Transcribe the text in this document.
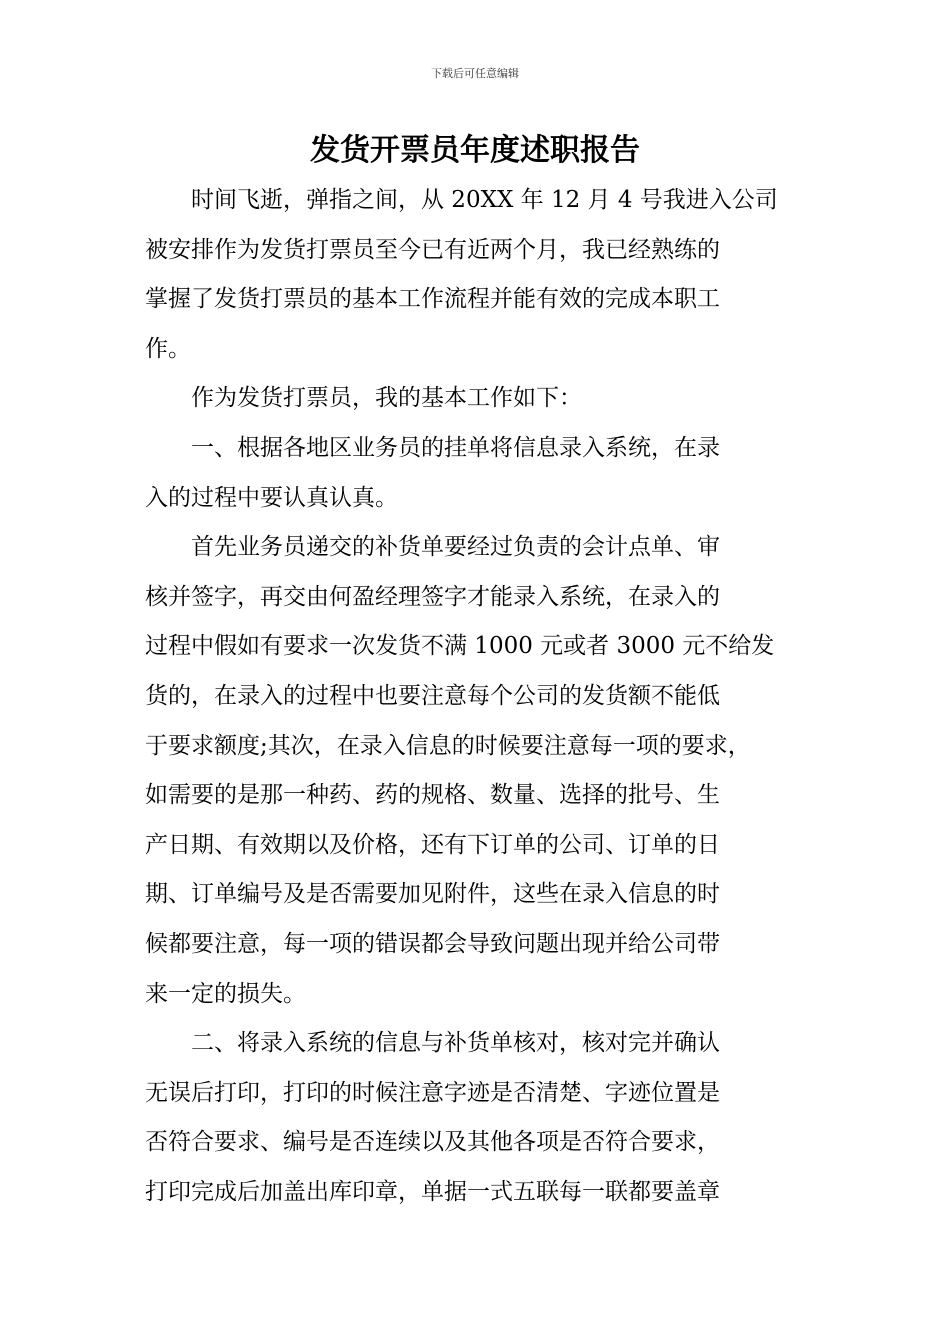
下载后可任意编辑
发货开票员年度述职报告

　　时间飞逝，弹指之间，从 20XX 年 12 月 4 号我进入公司
被安排作为发货打票员至今已有近两个月，我已经熟练的
掌握了发货打票员的基本工作流程并能有效的完成本职工
作。

　　作为发货打票员，我的基本工作如下：

　　一、根据各地区业务员的挂单将信息录入系统，在录
入的过程中要认真认真。

　　首先业务员递交的补货单要经过负责的会计点单、审
核并签字，再交由何盈经理签字才能录入系统，在录入的
过程中假如有要求一次发货不满 1000 元或者 3000 元不给发
货的，在录入的过程中也要注意每个公司的发货额不能低
于要求额度;其次，在录入信息的时候要注意每一项的要求，
如需要的是那一种药、药的规格、数量、选择的批号、生
产日期、有效期以及价格，还有下订单的公司、订单的日
期、订单编号及是否需要加见附件，这些在录入信息的时
候都要注意，每一项的错误都会导致问题出现并给公司带
来一定的损失。

　　二、将录入系统的信息与补货单核对，核对完并确认
无误后打印，打印的时候注意字迹是否清楚、字迹位置是
否符合要求、编号是否连续以及其他各项是否符合要求，
打印完成后加盖出库印章，单据一式五联每一联都要盖章
